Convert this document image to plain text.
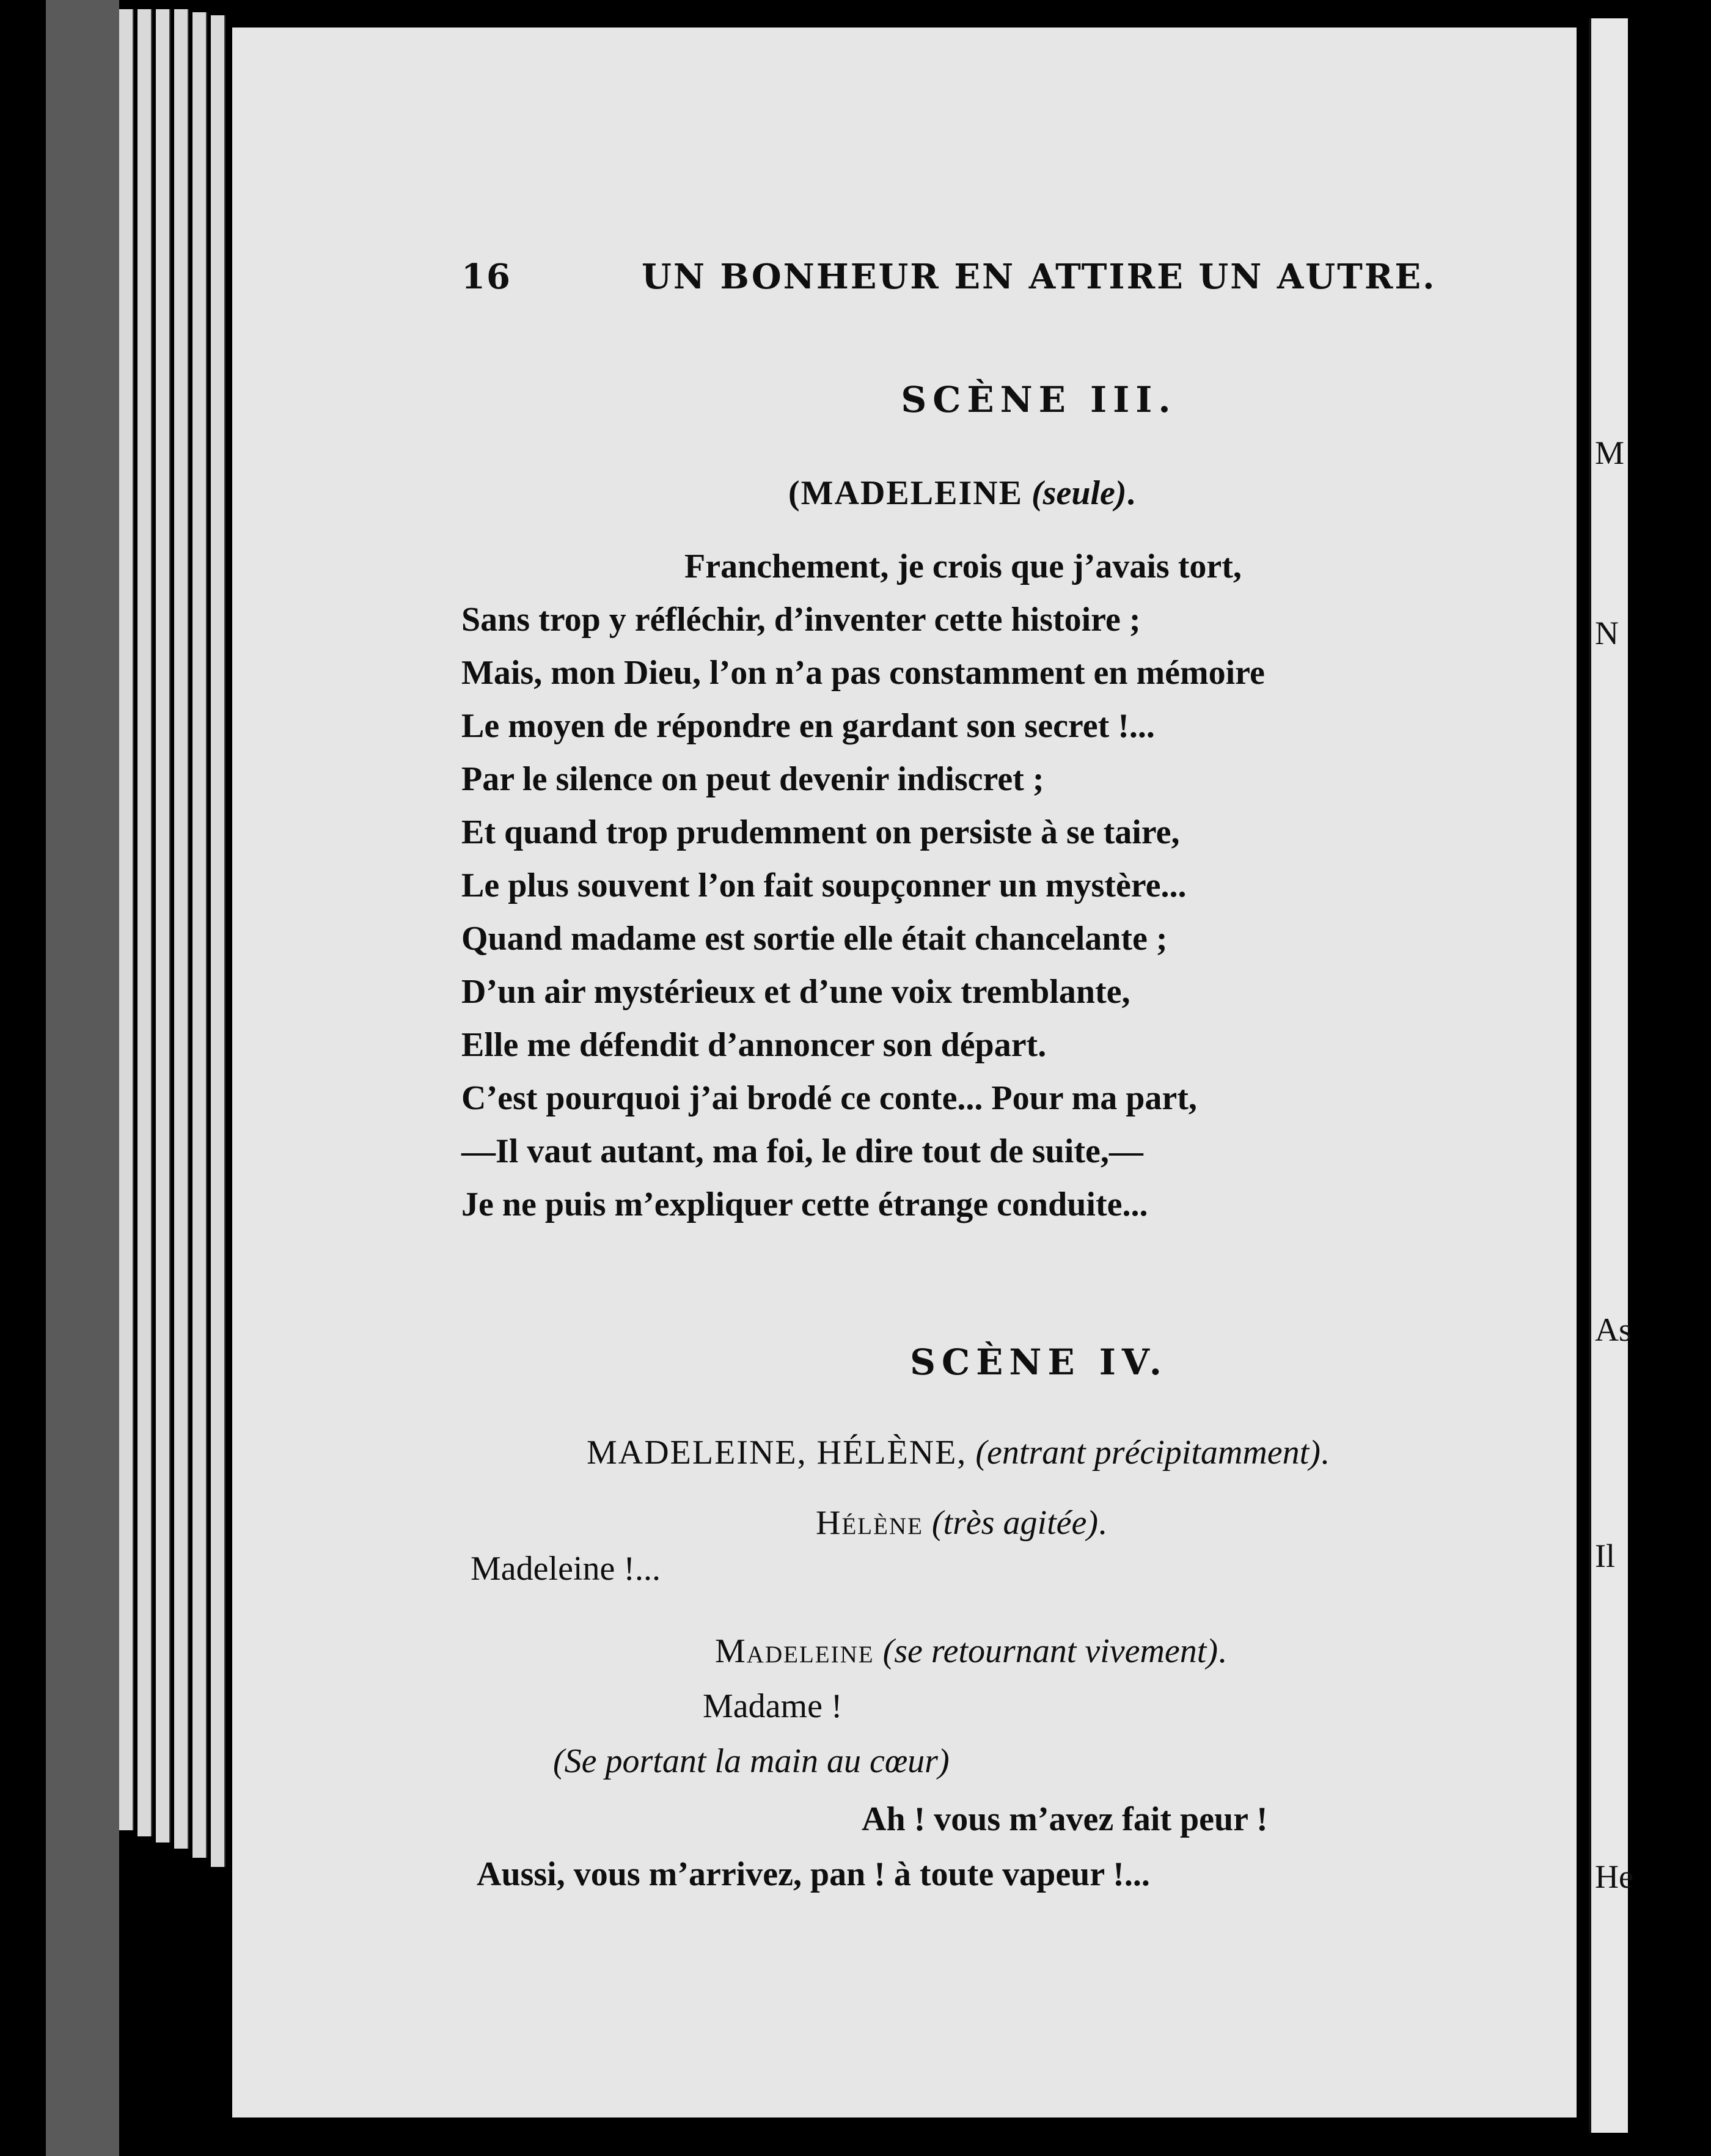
M
N
As
Il
He
16	UN BONHEUR EN ATTIRE UN AUTRE.
SCÈNE III.
(MADELEINE (seule).
Franchement, je crois que j’avais tort,
Sans trop y réfléchir, d’inventer cette histoire ;
Mais, mon Dieu, l’on n’a pas constamment en mémoire
Le moyen de répondre en gardant son secret !...
Par le silence on peut devenir indiscret ;
Et quand trop prudemment on persiste à se taire,
Le plus souvent l’on fait soupçonner un mystère...
Quand madame est sortie elle était chancelante ;
D’un air mystérieux et d’une voix tremblante,
Elle me défendit d’annoncer son départ.
C’est pourquoi j’ai brodé ce conte... Pour ma part,
—Il vaut autant, ma foi, le dire tout de suite,—
Je ne puis m’expliquer cette étrange conduite...
SCÈNE IV.
MADELEINE, HÉLÈNE, (entrant précipitamment).
Hélène (très agitée).
Madeleine !...
Madeleine (se retournant vivement).
Madame !
(Se portant la main au cœur)
Ah ! vous m’avez fait peur !
Aussi, vous m’arrivez, pan ! à toute vapeur !...
